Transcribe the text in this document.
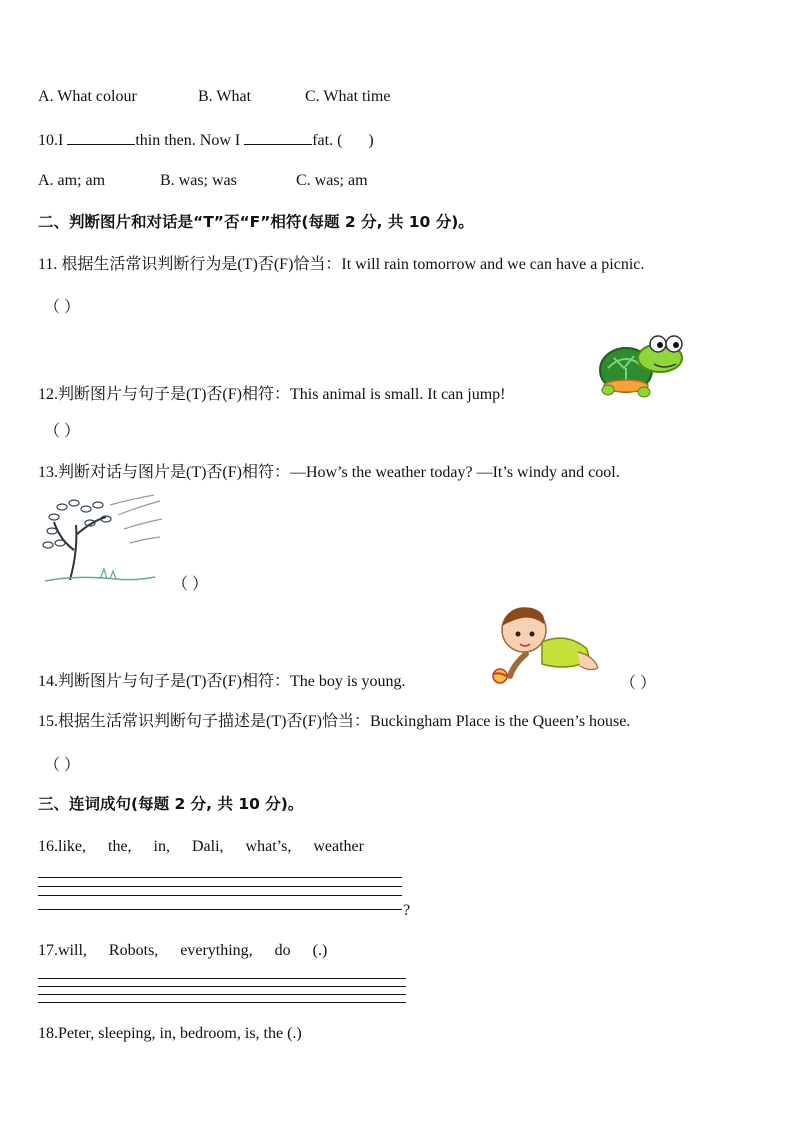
A. What colour	B. What	C. What time
10.I	thin then. Now I	fat. ( )
A. am; am	B. was; was	C. was; am
二、判断图片和对话是“T”否“F”相符(每题 2 分, 共 10 分)。
11. 根据生活常识判断行为是(T)否(F)恰当：It will rain tomorrow and we can have a picnic.
（ ）
12.判断图片与句子是(T)否(F)相符：This animal is small. It can jump!
（ ）
13.判断对话与图片是(T)否(F)相符：—How’s the weather today? —It’s windy and cool.
（ ）
14.判断图片与句子是(T)否(F)相符：The boy is young.	（ ）
15.根据生活常识判断句子描述是(T)否(F)恰当：Buckingham Place is the Queen’s house.
（ ）
三、连词成句(每题 2 分, 共 10 分)。
16.like, the, in, Dali, what’s, weather
?
17.will, Robots, everything, do (.)
18.Peter, sleeping, in, bedroom, is, the (.)
